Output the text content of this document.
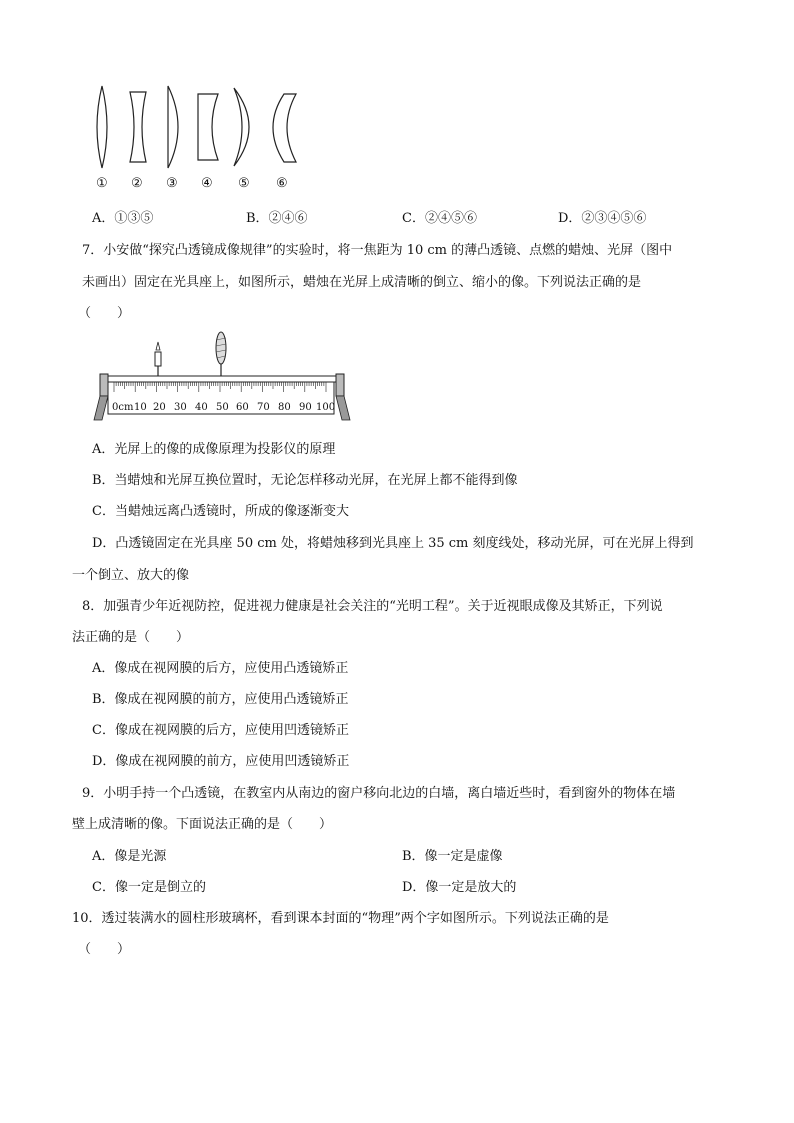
① ② ③ ④ ⑤ ⑥
A．①③⑤	B．②④⑥	C．②④⑤⑥	D．②③④⑤⑥
7．小安做“探究凸透镜成像规律”的实验时，将一焦距为 10 cm 的薄凸透镜、点燃的蜡烛、光屏（图中
未画出）固定在光具座上，如图所示，蜡烛在光屏上成清晰的倒立、缩小的像。下列说法正确的是
（　　）
0cm 10 20 30 40 50 60 70 80 90 100
A．光屏上的像的成像原理为投影仪的原理
B．当蜡烛和光屏互换位置时，无论怎样移动光屏，在光屏上都不能得到像
C．当蜡烛远离凸透镜时，所成的像逐渐变大
D．凸透镜固定在光具座 50 cm 处，将蜡烛移到光具座上 35 cm 刻度线处，移动光屏，可在光屏上得到
一个倒立、放大的像
8．加强青少年近视防控，促进视力健康是社会关注的“光明工程”。关于近视眼成像及其矫正，下列说
法正确的是（　　）
A．像成在视网膜的后方，应使用凸透镜矫正
B．像成在视网膜的前方，应使用凸透镜矫正
C．像成在视网膜的后方，应使用凹透镜矫正
D．像成在视网膜的前方，应使用凹透镜矫正
9．小明手持一个凸透镜，在教室内从南边的窗户移向北边的白墙，离白墙近些时，看到窗外的物体在墙
壁上成清晰的像。下面说法正确的是（　　）
A．像是光源	B．像一定是虚像
C．像一定是倒立的	D．像一定是放大的
10．透过装满水的圆柱形玻璃杯，看到课本封面的“物理”两个字如图所示。下列说法正确的是
（　　）
